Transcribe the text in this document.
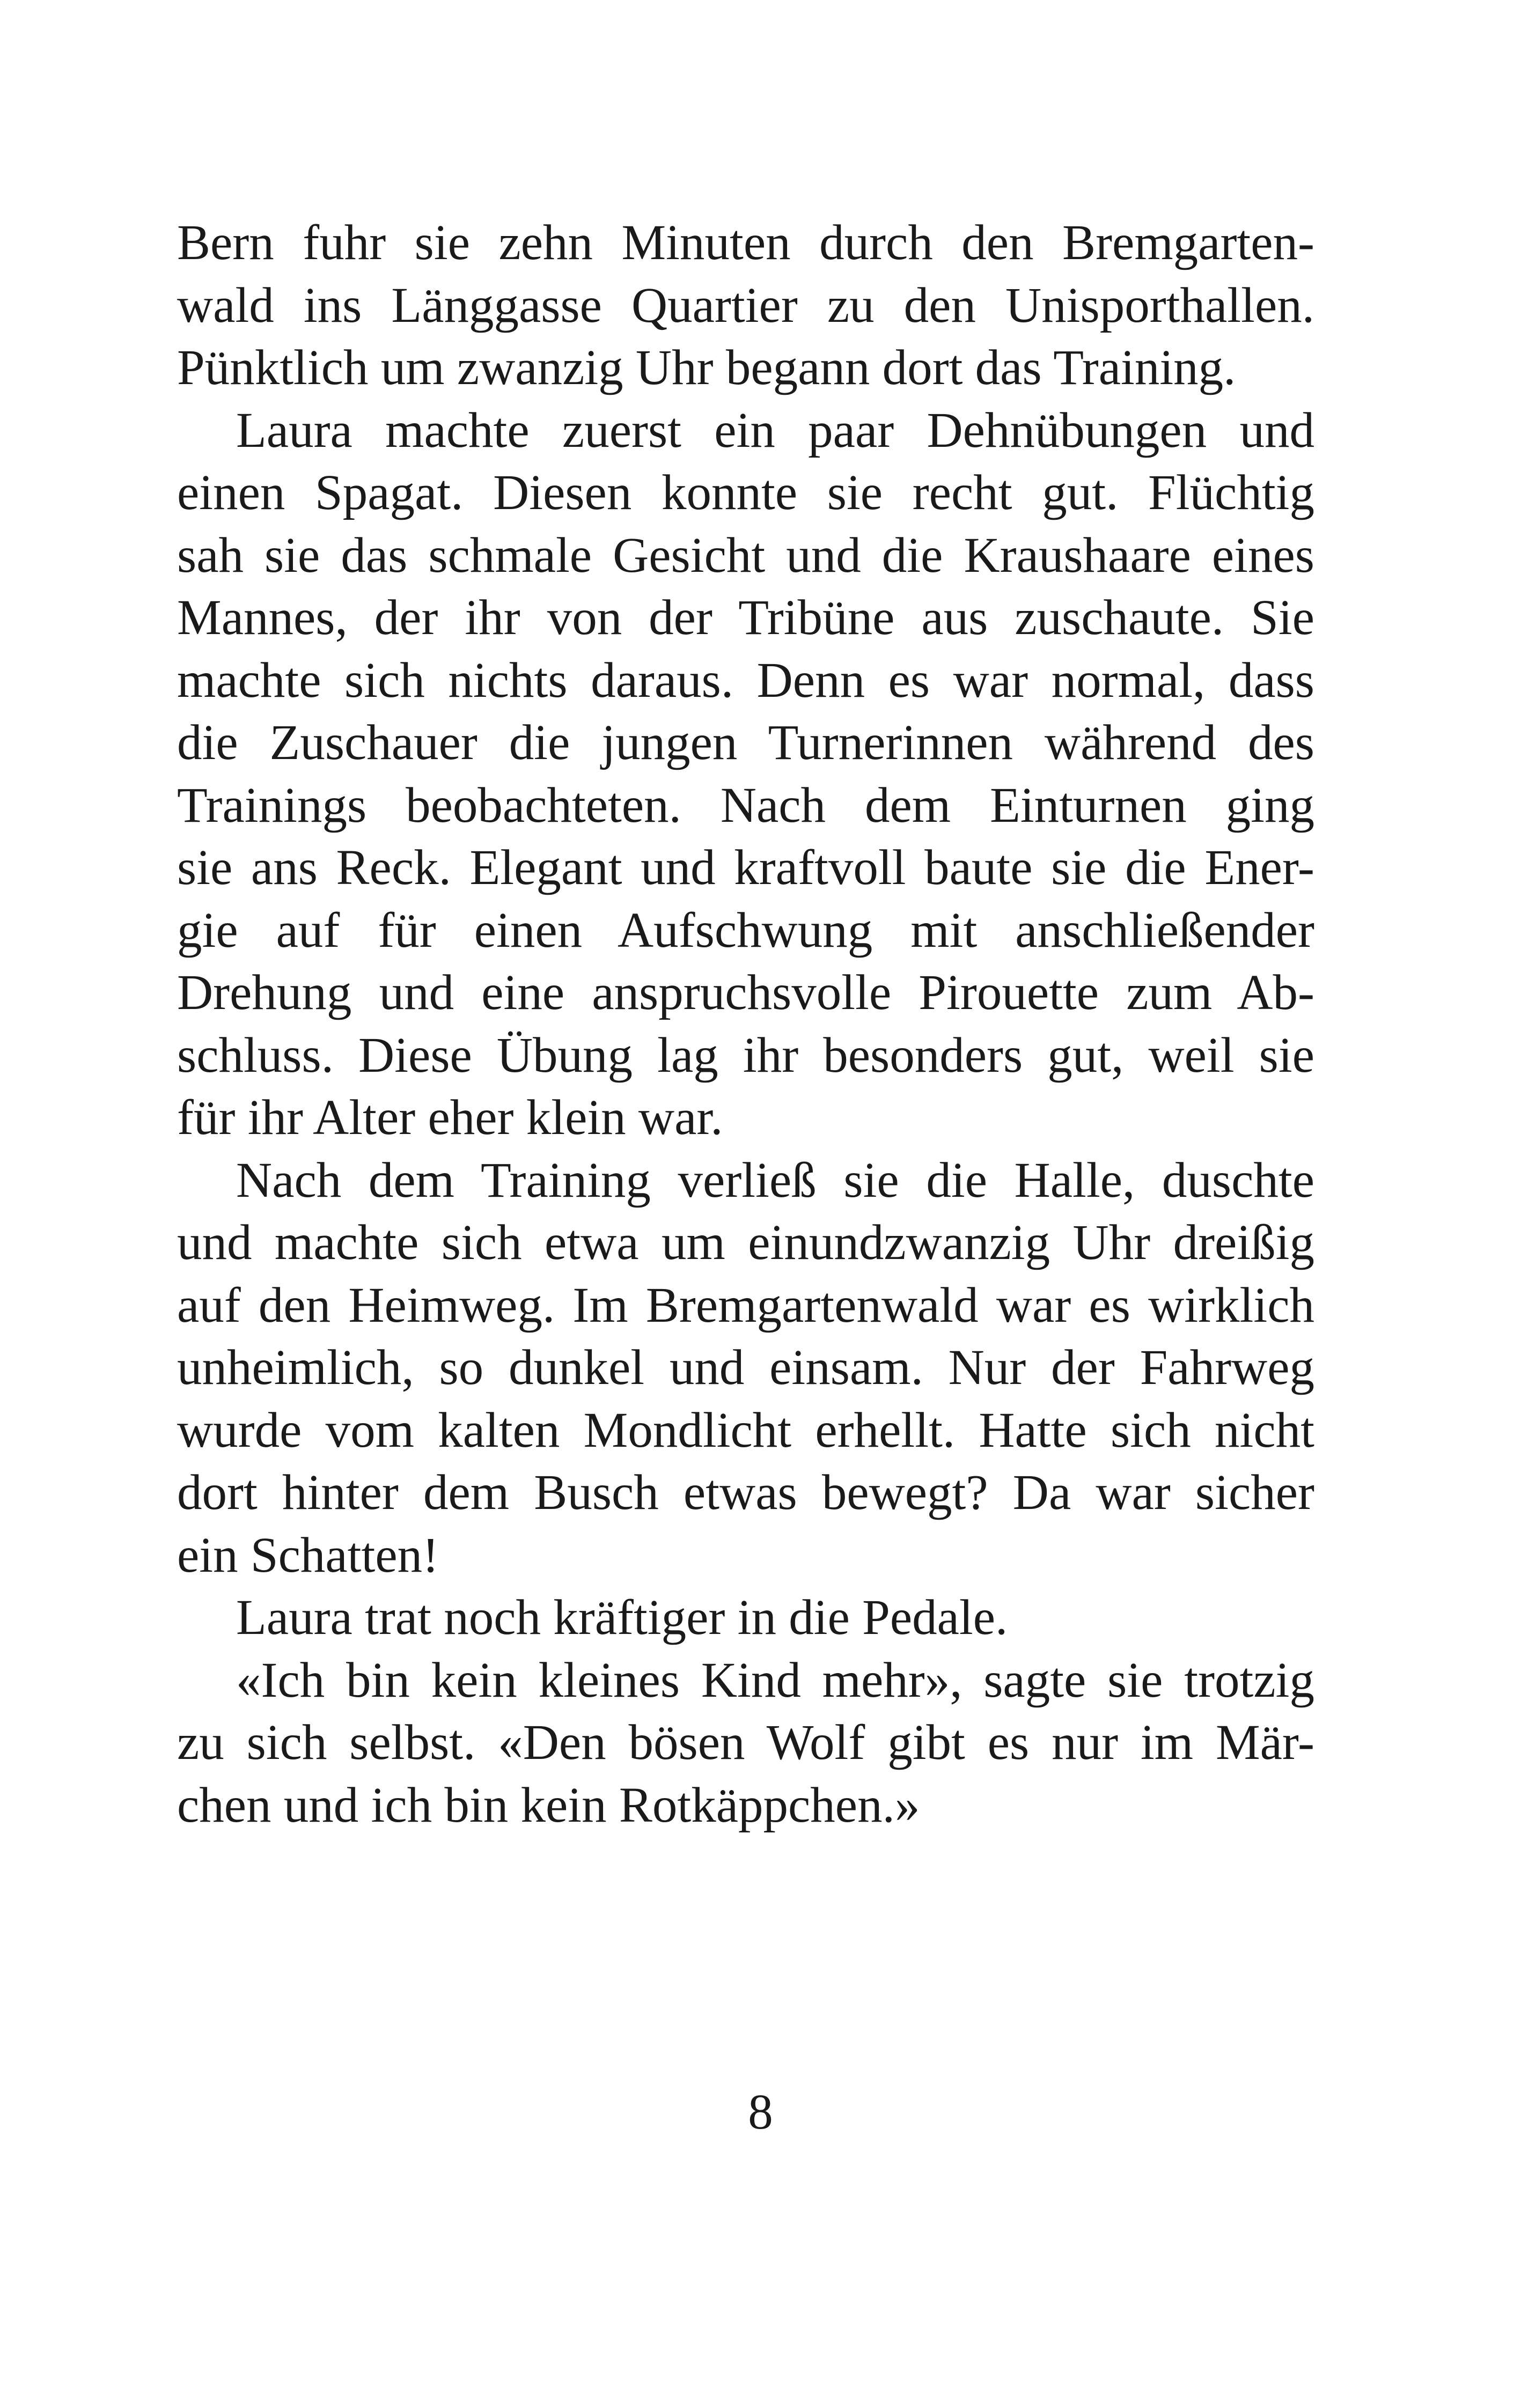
Bern fuhr sie zehn Minuten durch den Bremgarten-
wald ins Länggasse Quartier zu den Unisporthallen.
Pünktlich um zwanzig Uhr begann dort das Training.
Laura machte zuerst ein paar Dehnübungen und
einen Spagat. Diesen konnte sie recht gut. Flüchtig
sah sie das schmale Gesicht und die Kraushaare eines
Mannes, der ihr von der Tribüne aus zuschaute. Sie
machte sich nichts daraus. Denn es war normal, dass
die Zuschauer die jungen Turnerinnen während des
Trainings beobachteten. Nach dem Einturnen ging
sie ans Reck. Elegant und kraftvoll baute sie die Ener-
gie auf für einen Aufschwung mit anschließender
Drehung und eine anspruchsvolle Pirouette zum Ab-
schluss. Diese Übung lag ihr besonders gut, weil sie
für ihr Alter eher klein war.
Nach dem Training verließ sie die Halle, duschte
und machte sich etwa um einundzwanzig Uhr dreißig
auf den Heimweg. Im Bremgartenwald war es wirklich
unheimlich, so dunkel und einsam. Nur der Fahrweg
wurde vom kalten Mondlicht erhellt. Hatte sich nicht
dort hinter dem Busch etwas bewegt? Da war sicher
ein Schatten!
Laura trat noch kräftiger in die Pedale.
«Ich bin kein kleines Kind mehr», sagte sie trotzig
zu sich selbst. «Den bösen Wolf gibt es nur im Mär-
chen und ich bin kein Rotkäppchen.»
8
